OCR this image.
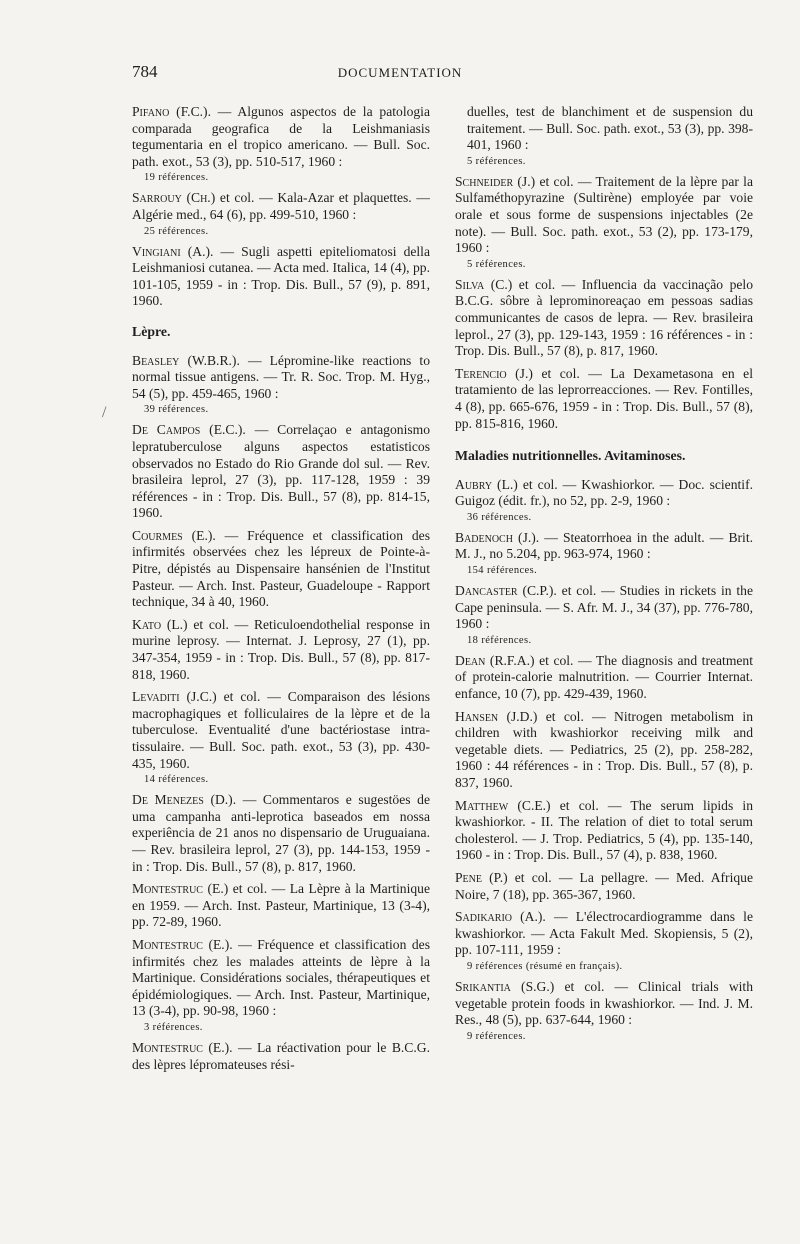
784	DOCUMENTATION
/
Pifano (F.C.). — Algunos aspectos de la patologia comparada geografica de la Leishmaniasis tegumentaria en el tropico americano. — Bull. Soc. path. exot., 53 (3), pp. 510-517, 1960 :
19 références.
Sarrouy (Ch.) et col. — Kala-Azar et plaquettes. — Algérie med., 64 (6), pp. 499-510, 1960 :
25 références.
Vingiani (A.). — Sugli aspetti epiteliomatosi della Leishmaniosi cutanea. — Acta med. Italica, 14 (4), pp. 101-105, 1959 - in : Trop. Dis. Bull., 57 (9), p. 891, 1960.
Lèpre.
Beasley (W.B.R.). — Lépromine-like reactions to normal tissue antigens. — Tr. R. Soc. Trop. M. Hyg., 54 (5), pp. 459-465, 1960 :
39 références.
De Campos (E.C.). — Correlaçao e antagonismo lepratuberculose alguns aspectos estatisticos observados no Estado do Rio Grande dol sul. — Rev. brasileira leprol, 27 (3), pp. 117-128, 1959 : 39 références - in : Trop. Dis. Bull., 57 (8), pp. 814-15, 1960.
Courmes (E.). — Fréquence et classification des infirmités observées chez les lépreux de Pointe-à-Pitre, dépistés au Dispensaire hansénien de l'Institut Pasteur. — Arch. Inst. Pasteur, Guadeloupe - Rapport technique, 34 à 40, 1960.
Kato (L.) et col. — Reticuloendothelial response in murine leprosy. — Internat. J. Leprosy, 27 (1), pp. 347-354, 1959 - in : Trop. Dis. Bull., 57 (8), pp. 817-818, 1960.
Levaditi (J.C.) et col. — Comparaison des lésions macrophagiques et folliculaires de la lèpre et de la tuberculose. Eventualité d'une bactériostase intra-tissulaire. — Bull. Soc. path. exot., 53 (3), pp. 430-435, 1960.
14 références.
De Menezes (D.). — Commentaros e sugestöes de uma campanha anti-leprotica baseados em nossa experiência de 21 anos no dispensario de Uruguaiana. — Rev. brasileira leprol, 27 (3), pp. 144-153, 1959 - in : Trop. Dis. Bull., 57 (8), p. 817, 1960.
Montestruc (E.) et col. — La Lèpre à la Martinique en 1959. — Arch. Inst. Pasteur, Martinique, 13 (3-4), pp. 72-89, 1960.
Montestruc (E.). — Fréquence et classification des infirmités chez les malades atteints de lèpre à la Martinique. Considérations sociales, thérapeutiques et épidémiologiques. — Arch. Inst. Pasteur, Martinique, 13 (3-4), pp. 90-98, 1960 :
3 références.
Montestruc (E.). — La réactivation pour le B.C.G. des lèpres lépromateuses rési-
duelles, test de blanchiment et de suspension du traitement. — Bull. Soc. path. exot., 53 (3), pp. 398-401, 1960 :
5 références.
Schneider (J.) et col. — Traitement de la lèpre par la Sulfaméthopyrazine (Sultirène) employée par voie orale et sous forme de suspensions injectables (2e note). — Bull. Soc. path. exot., 53 (2), pp. 173-179, 1960 :
5 références.
Silva (C.) et col. — Influencia da vaccinação pelo B.C.G. sôbre à leprominoreaçao em pessoas sadias communicantes de casos de lepra. — Rev. brasileira leprol., 27 (3), pp. 129-143, 1959 : 16 références - in : Trop. Dis. Bull., 57 (8), p. 817, 1960.
Terencio (J.) et col. — La Dexametasona en el tratamiento de las leprorreacciones. — Rev. Fontilles, 4 (8), pp. 665-676, 1959 - in : Trop. Dis. Bull., 57 (8), pp. 815-816, 1960.
Maladies nutritionnelles. Avitaminoses.
Aubry (L.) et col. — Kwashiorkor. — Doc. scientif. Guigoz (édit. fr.), no 52, pp. 2-9, 1960 :
36 références.
Badenoch (J.). — Steatorrhoea in the adult. — Brit. M. J., no 5.204, pp. 963-974, 1960 :
154 références.
Dancaster (C.P.). et col. — Studies in rickets in the Cape peninsula. — S. Afr. M. J., 34 (37), pp. 776-780, 1960 :
18 références.
Dean (R.F.A.) et col. — The diagnosis and treatment of protein-calorie malnutrition. — Courrier Internat. enfance, 10 (7), pp. 429-439, 1960.
Hansen (J.D.) et col. — Nitrogen metabolism in children with kwashiorkor receiving milk and vegetable diets. — Pediatrics, 25 (2), pp. 258-282, 1960 : 44 références - in : Trop. Dis. Bull., 57 (8), p. 837, 1960.
Matthew (C.E.) et col. — The serum lipids in kwashiorkor. - II. The relation of diet to total serum cholesterol. — J. Trop. Pediatrics, 5 (4), pp. 135-140, 1960 - in : Trop. Dis. Bull., 57 (4), p. 838, 1960.
Pene (P.) et col. — La pellagre. — Med. Afrique Noire, 7 (18), pp. 365-367, 1960.
Sadikario (A.). — L'électrocardiogramme dans le kwashiorkor. — Acta Fakult Med. Skopiensis, 5 (2), pp. 107-111, 1959 :
9 références (résumé en français).
Srikantia (S.G.) et col. — Clinical trials with vegetable protein foods in kwashiorkor. — Ind. J. M. Res., 48 (5), pp. 637-644, 1960 :
9 références.
